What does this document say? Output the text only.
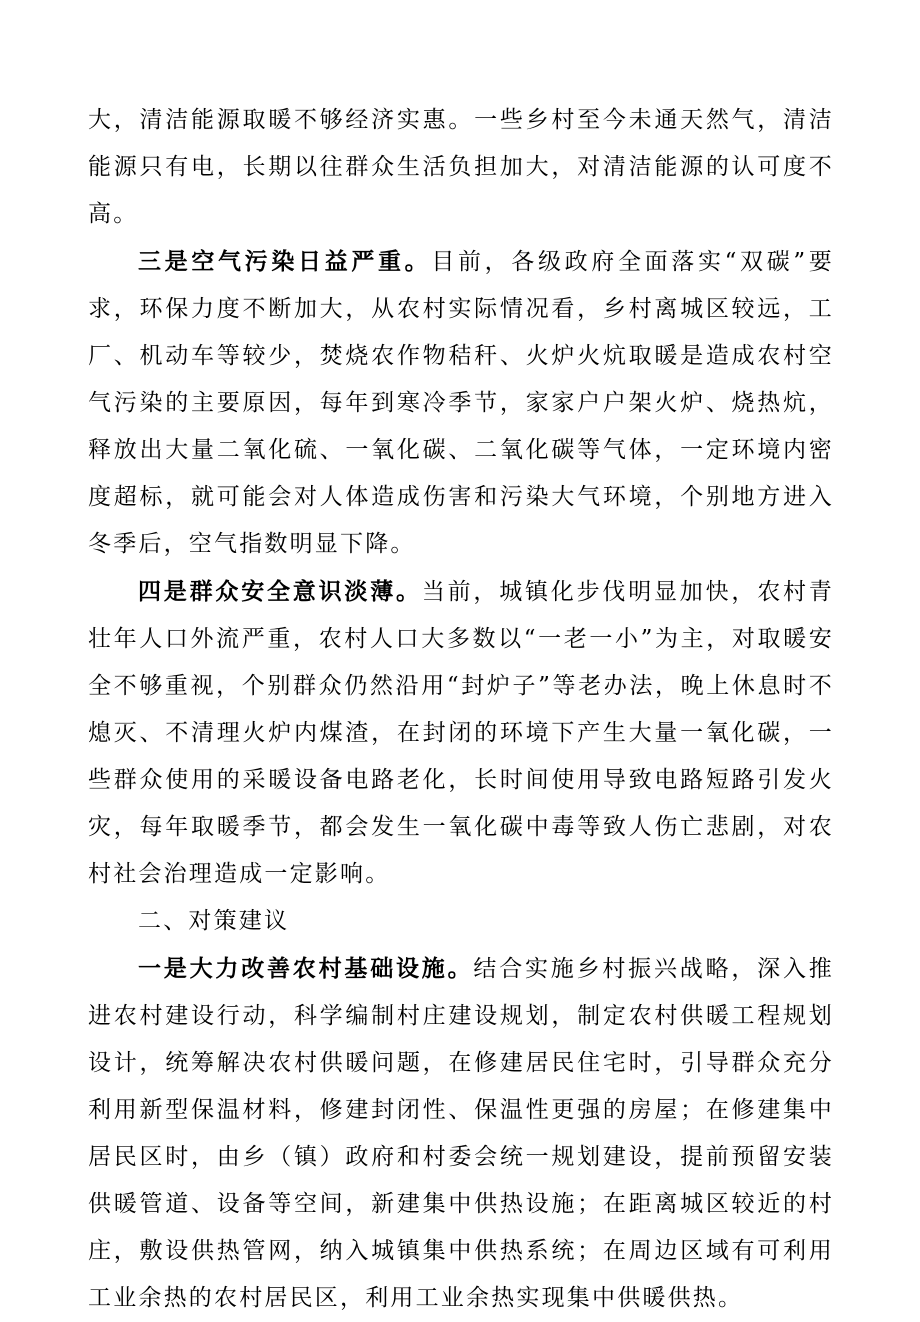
大，清洁能源取暖不够经济实惠。一些乡村至今未通天然气，清洁能源只有电，长期以往群众生活负担加大，对清洁能源的认可度不高。

三是空气污染日益严重。目前，各级政府全面落实“双碳”要求，环保力度不断加大，从农村实际情况看，乡村离城区较远，工厂、机动车等较少，焚烧农作物秸秆、火炉火炕取暖是造成农村空气污染的主要原因，每年到寒冷季节，家家户户架火炉、烧热炕，释放出大量二氧化硫、一氧化碳、二氧化碳等气体，一定环境内密度超标，就可能会对人体造成伤害和污染大气环境，个别地方进入冬季后，空气指数明显下降。

四是群众安全意识淡薄。当前，城镇化步伐明显加快，农村青壮年人口外流严重，农村人口大多数以“一老一小”为主，对取暖安全不够重视，个别群众仍然沿用“封炉子”等老办法，晚上休息时不熄灭、不清理火炉内煤渣，在封闭的环境下产生大量一氧化碳，一些群众使用的采暖设备电路老化，长时间使用导致电路短路引发火灾，每年取暖季节，都会发生一氧化碳中毒等致人伤亡悲剧，对农村社会治理造成一定影响。

二、对策建议

一是大力改善农村基础设施。结合实施乡村振兴战略，深入推进农村建设行动，科学编制村庄建设规划，制定农村供暖工程规划设计，统筹解决农村供暖问题，在修建居民住宅时，引导群众充分利用新型保温材料，修建封闭性、保温性更强的房屋；在修建集中居民区时，由乡（镇）政府和村委会统一规划建设，提前预留安装供暖管道、设备等空间，新建集中供热设施；在距离城区较近的村庄，敷设供热管网，纳入城镇集中供热系统；在周边区域有可利用工业余热的农村居民区，利用工业余热实现集中供暖供热。
